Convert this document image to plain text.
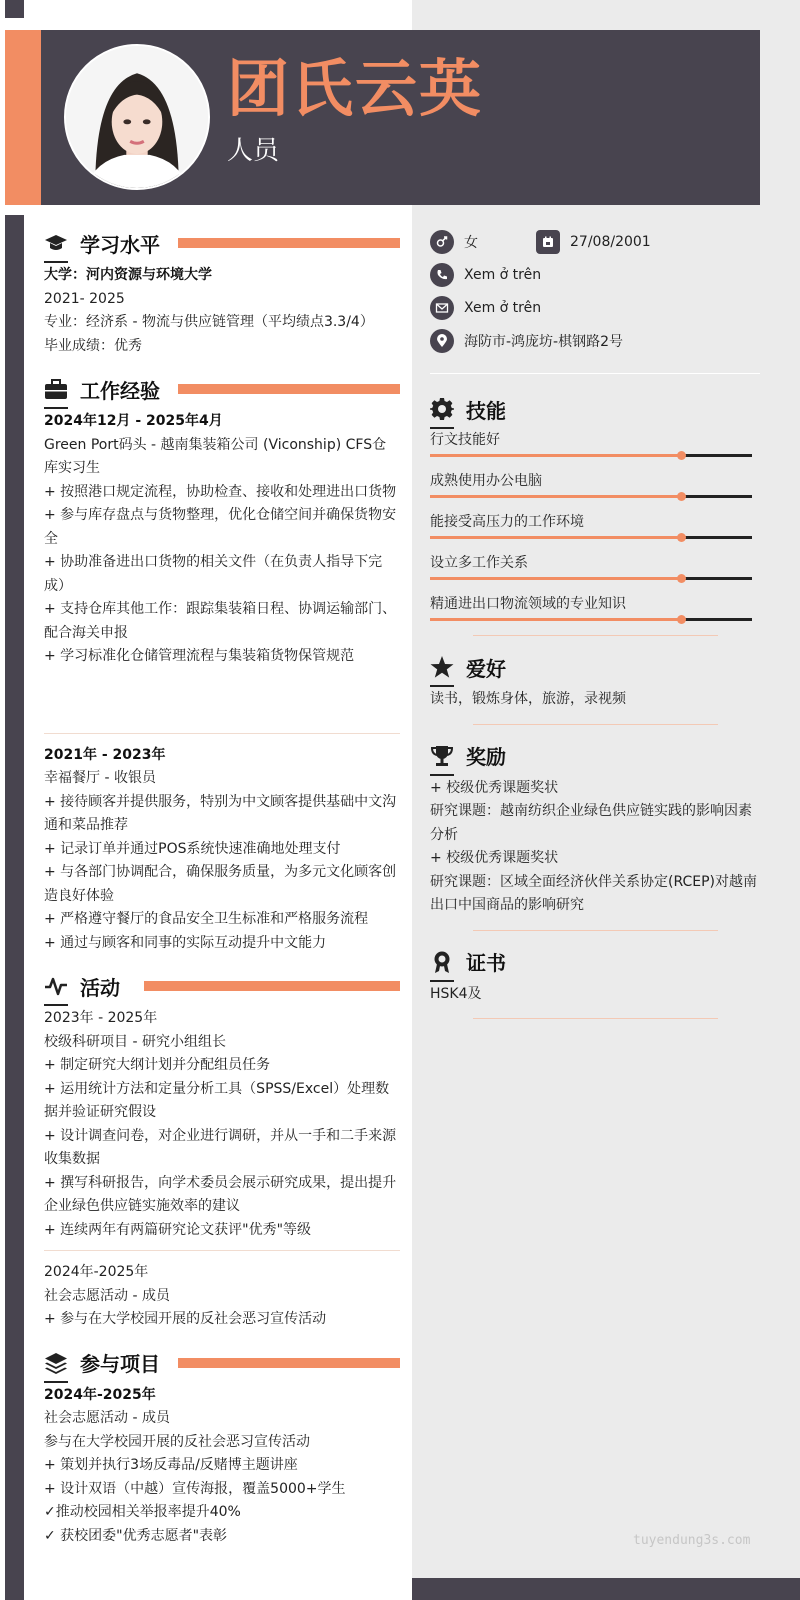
团氏云英
人员
学习水平
大学：河内资源与环境大学
2021- 2025
专业：经济系 - 物流与供应链管理（平均绩点3.3/4）
毕业成绩：优秀
工作经验
2024年12月 - 2025年4月
Green Port码头 - 越南集装箱公司 (Viconship) CFS仓库实习生
+ 按照港口规定流程，协助检查、接收和处理进出口货物
+ 参与库存盘点与货物整理，优化仓储空间并确保货物安全
+ 协助准备进出口货物的相关文件（在负责人指导下完成）
+ 支持仓库其他工作：跟踪集装箱日程、协调运输部门、配合海关申报
+ 学习标准化仓储管理流程与集装箱货物保管规范
2021年 - 2023年
幸福餐厅 - 收银员
+ 接待顾客并提供服务，特别为中文顾客提供基础中文沟通和菜品推荐
+ 记录订单并通过POS系统快速准确地处理支付
+ 与各部门协调配合，确保服务质量，为多元文化顾客创造良好体验
+ 严格遵守餐厅的食品安全卫生标准和严格服务流程
+ 通过与顾客和同事的实际互动提升中文能力
活动
2023年 - 2025年
校级科研项目 - 研究小组组长
+ 制定研究大纲计划并分配组员任务
+ 运用统计方法和定量分析工具（SPSS/Excel）处理数据并验证研究假设
+ 设计调查问卷，对企业进行调研，并从一手和二手来源收集数据
+ 撰写科研报告，向学术委员会展示研究成果，提出提升企业绿色供应链实施效率的建议
+ 连续两年有两篇研究论文获评"优秀"等级
2024年-2025年
社会志愿活动 - 成员
+ 参与在大学校园开展的反社会恶习宣传活动
参与项目
2024年-2025年
社会志愿活动 - 成员
参与在大学校园开展的反社会恶习宣传活动
+ 策划并执行3场反毒品/反赌博主题讲座
+ 设计双语（中越）宣传海报，覆盖5000+学生
✓推动校园相关举报率提升40%
✓ 获校团委"优秀志愿者"表彰
女	27/08/2001
Xem ở trên
Xem ở trên
海防市-鸿庞坊-棋钢路2号
技能
行文技能好
成熟使用办公电脑
能接受高压力的工作环境
设立多工作关系
精通进出口物流领域的专业知识
爱好
读书，锻炼身体，旅游，录视频
奖励
+ 校级优秀课题奖状
研究课题：越南纺织企业绿色供应链实践的影响因素分析
+ 校级优秀课题奖状
研究课题：区域全面经济伙伴关系协定(RCEP)对越南出口中国商品的影响研究
证书
HSK4及
tuyendung3s.com
